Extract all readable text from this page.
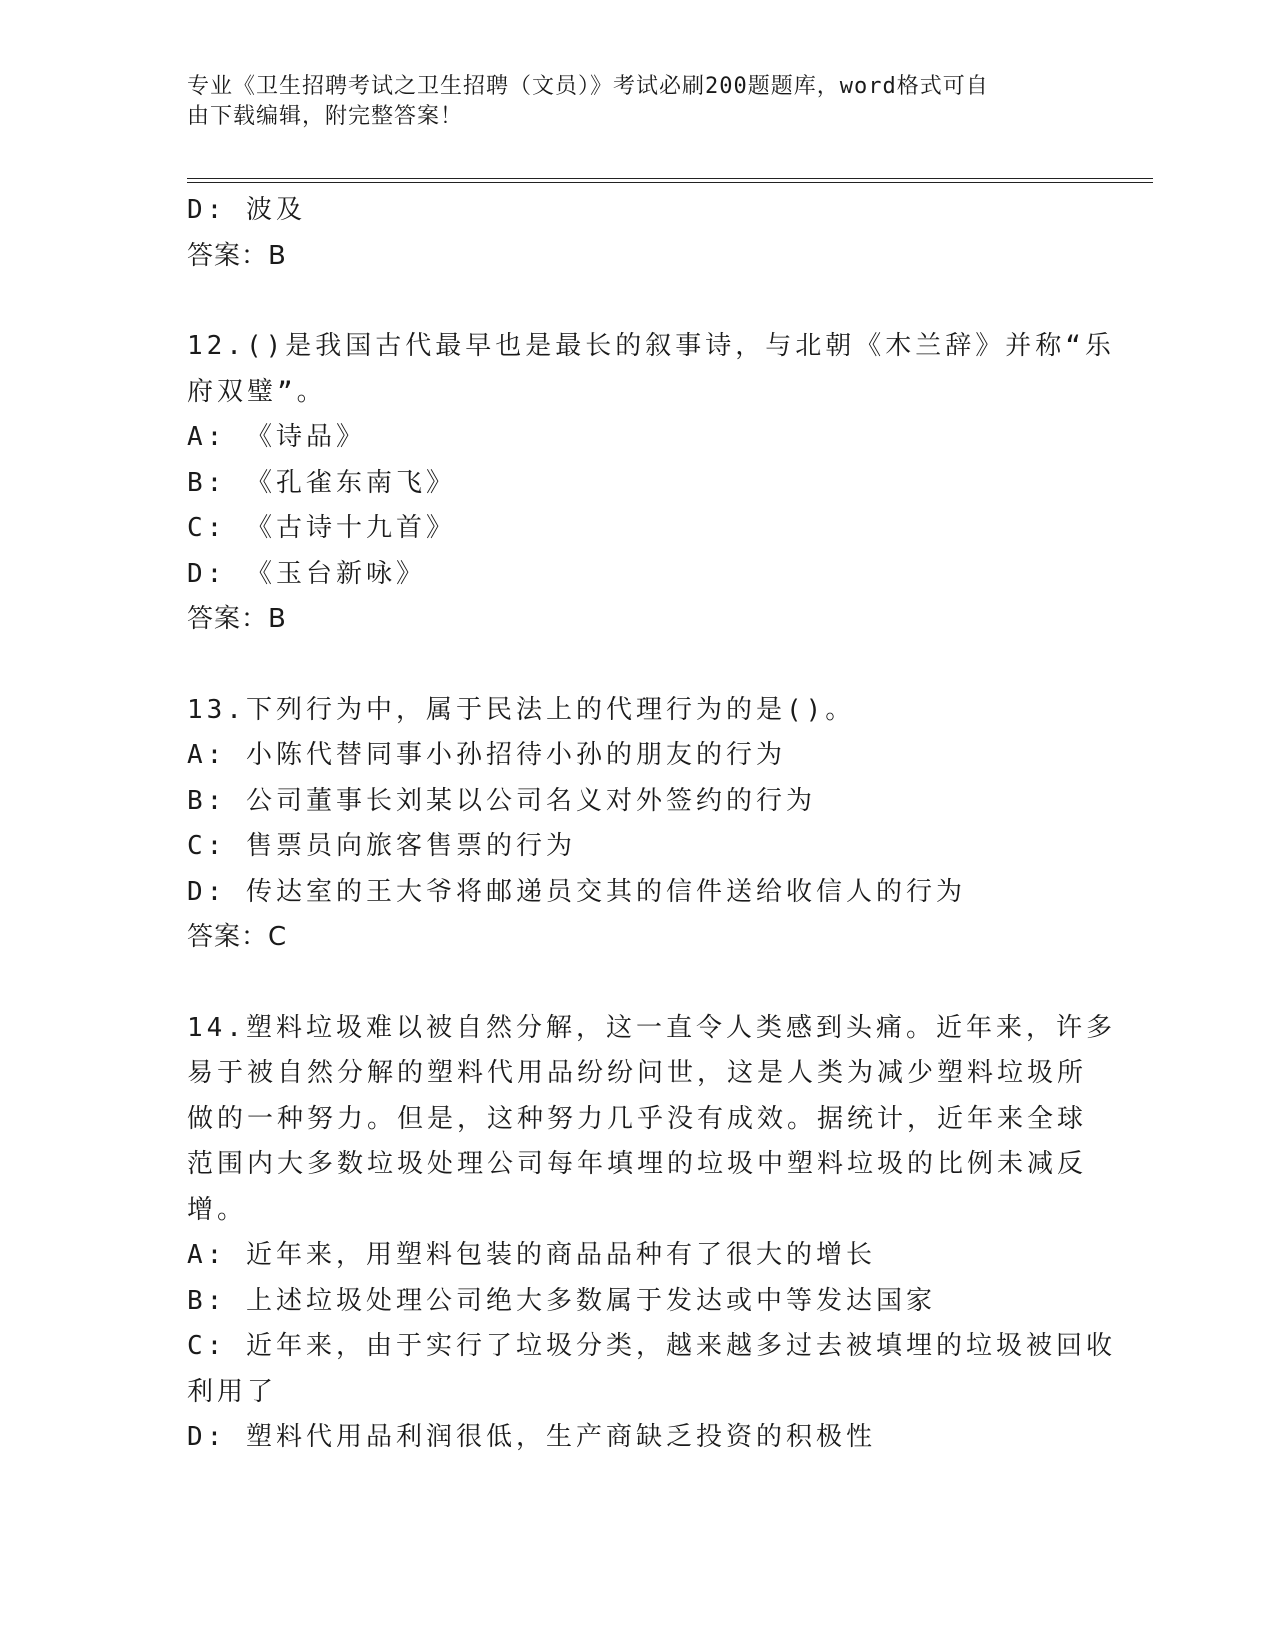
专业《卫生招聘考试之卫生招聘（文员）》考试必刷200题题库，word格式可自
由下载编辑，附完整答案！
D: 波及
答案：B
12.()是我国古代最早也是最长的叙事诗，与北朝《木兰辞》并称“乐
府双璧”。
A: 《诗品》
B: 《孔雀东南飞》
C: 《古诗十九首》
D: 《玉台新咏》
答案：B
13.下列行为中，属于民法上的代理行为的是()。
A: 小陈代替同事小孙招待小孙的朋友的行为
B: 公司董事长刘某以公司名义对外签约的行为
C: 售票员向旅客售票的行为
D: 传达室的王大爷将邮递员交其的信件送给收信人的行为
答案：C
14.塑料垃圾难以被自然分解，这一直令人类感到头痛。近年来，许多
易于被自然分解的塑料代用品纷纷问世，这是人类为减少塑料垃圾所
做的一种努力。但是，这种努力几乎没有成效。据统计，近年来全球
范围内大多数垃圾处理公司每年填埋的垃圾中塑料垃圾的比例未减反
增。
A: 近年来，用塑料包装的商品品种有了很大的增长
B: 上述垃圾处理公司绝大多数属于发达或中等发达国家
C: 近年来，由于实行了垃圾分类，越来越多过去被填埋的垃圾被回收
利用了
D: 塑料代用品利润很低，生产商缺乏投资的积极性
